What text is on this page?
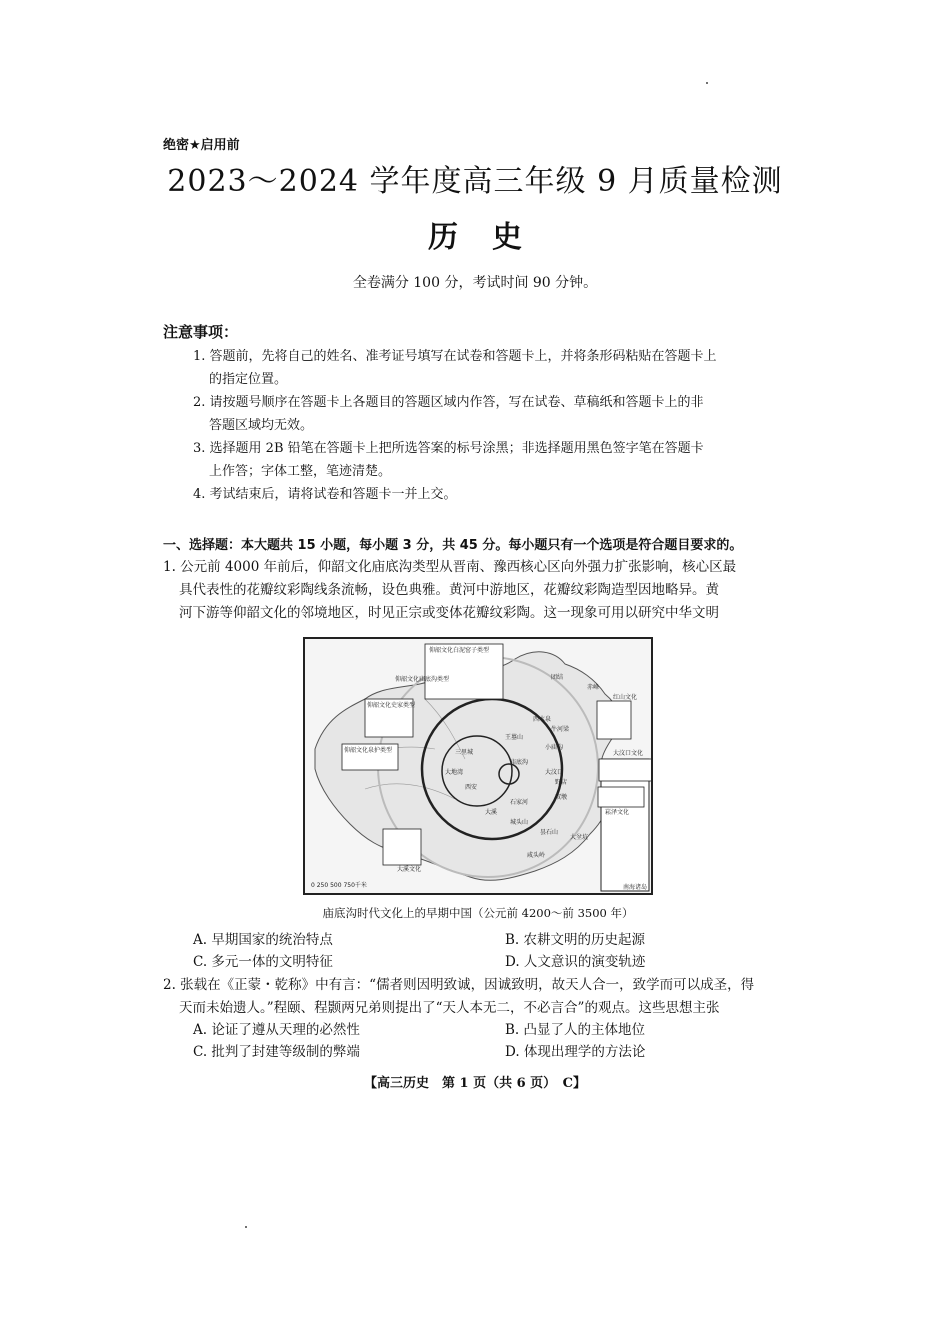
绝密★启用前
2023～2024 学年度高三年级 9 月质量检测
历史
全卷满分 100 分，考试时间 90 分钟。
注意事项：
1. 答题前，先将自己的姓名、准考证号填写在试卷和答题卡上，并将条形码粘贴在答题卡上
的指定位置。
2. 请按题号顺序在答题卡上各题目的答题区域内作答，写在试卷、草稿纸和答题卡上的非
答题区域均无效。
3. 选择题用 2B 铅笔在答题卡上把所选答案的标号涂黑；非选择题用黑色签字笔在答题卡
上作答；字体工整，笔迹清楚。
4. 考试结束后，请将试卷和答题卡一并上交。
一、选择题：本大题共 15 小题，每小题 3 分，共 45 分。每小题只有一个选项是符合题目要求的。
1. 公元前 4000 年前后，仰韶文化庙底沟类型从晋南、豫西核心区向外强力扩张影响，核心区最
具代表性的花瓣纹彩陶线条流畅，设色典雅。黄河中游地区，花瓣纹彩陶造型因地略异。黄
河下游等仰韶文化的邻境地区，时见正宗或变体花瓣纹彩陶。这一现象可用以研究中华文明
仰韶文化白泥窑子类型
仰韶文化庙底沟类型
仰韶文化史家类型
仰韶文化泉护类型
红山文化
大汶口文化
崧泽文化
大溪文化
0 250 500 750千米	南海诸岛
团结
赤峰
西水泉
牛河梁
王墓山
小庙沟
庙底沟
三里城
大地湾
西安
大汶口
野店
石家河
大溪
城头山
双墩
昙石山
大坌坑
咸头岭
庙底沟时代文化上的早期中国（公元前 4200～前 3500 年）
A. 早期国家的统治特点	B. 农耕文明的历史起源
C. 多元一体的文明特征	D. 人文意识的演变轨迹
2. 张载在《正蒙・乾称》中有言：“儒者则因明致诚，因诚致明，故天人合一，致学而可以成圣，得
天而未始遗人。”程颐、程颢两兄弟则提出了“天人本无二，不必言合”的观点。这些思想主张
A. 论证了遵从天理的必然性	B. 凸显了人的主体地位
C. 批判了封建等级制的弊端	D. 体现出理学的方法论
【高三历史　第 1 页（共 6 页）　C】
